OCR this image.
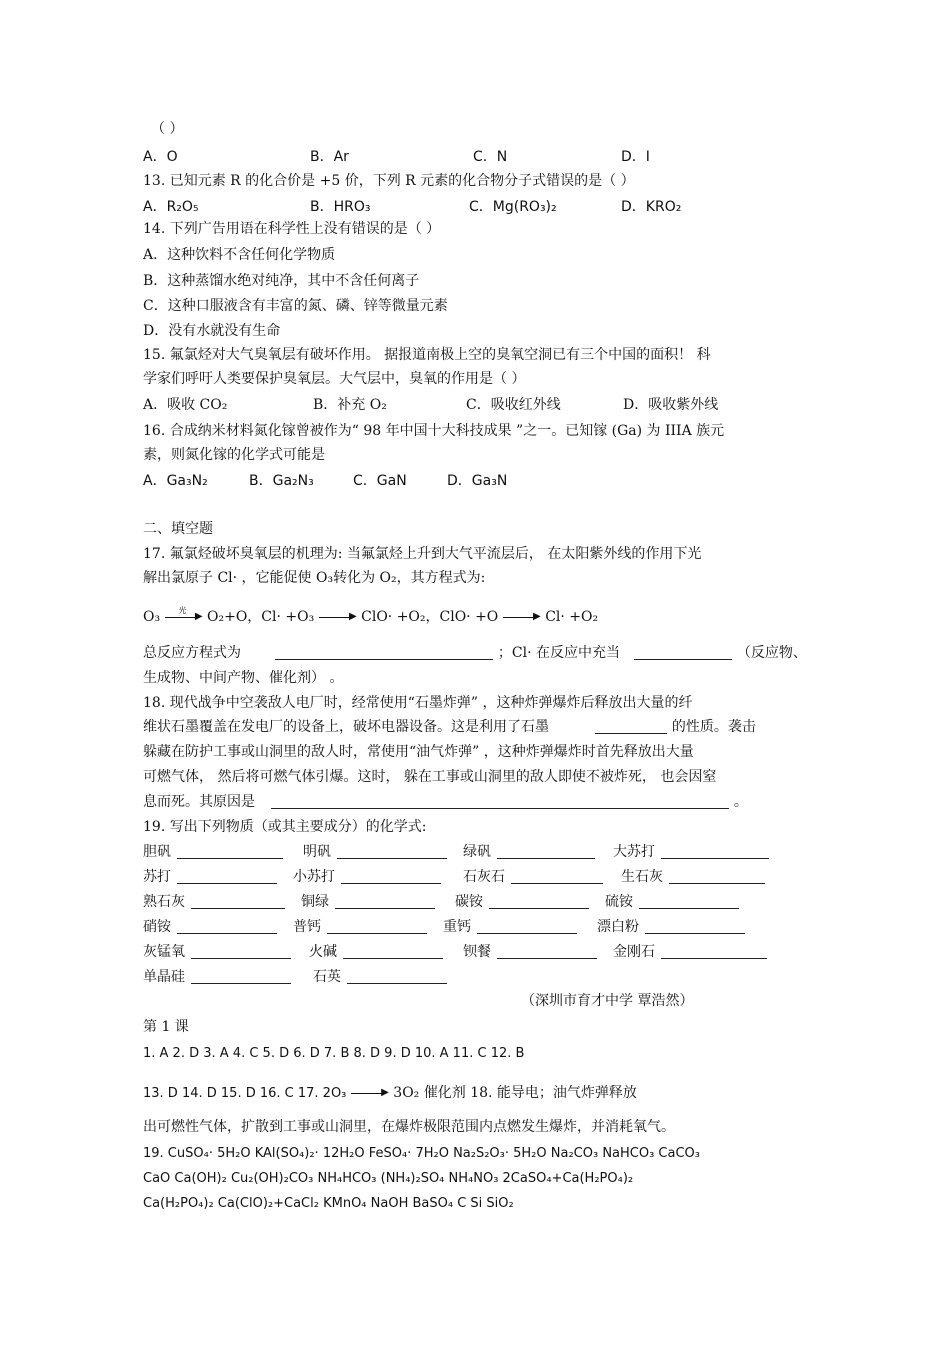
（ ）
A．O	B．Ar	C．N	D．I
13. 已知元素 R 的化合价是 +5 价，下列 R 元素的化合物分子式错误的是（ ）
A．R₂O₅	B．HRO₃	C．Mg(RO₃)₂	D．KRO₂
14. 下列广告用语在科学性上没有错误的是（ ）
A．这种饮料不含任何化学物质
B．这种蒸馏水绝对纯净，其中不含任何离子
C．这种口服液含有丰富的氮、磷、锌等微量元素
D．没有水就没有生命
15. 氟氯烃对大气臭氧层有破坏作用。 据报道南极上空的臭氧空洞已有三个中国的面积！ 科
学家们呼吁人类要保护臭氧层。大气层中，臭氧的作用是（ ）
A．吸收 CO₂	B．补充 O₂	C．吸收红外线	D．吸收紫外线
16. 合成纳米材料氮化镓曾被作为“ 98 年中国十大科技成果 ”之一。已知镓 (Ga) 为 IIIA 族元
素，则氮化镓的化学式可能是
A．Ga₃N₂	B．Ga₂N₃	C．GaN	D．Ga₃N
二、填空题
17. 氟氯烃破坏臭氧层的机理为: 当氟氯烃上升到大气平流层后， 在太阳紫外线的作用下光
解出氯原子 Cl· ，它能促使 O₃转化为 O₂，其方程式为:
O₃ 光
▶ O₂+O，Cl· +O₃	▶ ClO· +O₂，ClO· +O	▶ Cl· +O₂
总反应方程式为	；Cl· 在反应中充当	（反应物、
生成物、中间产物、催化剂） 。
18. 现代战争中空袭敌人电厂时，经常使用“石墨炸弹” ，这种炸弹爆炸后释放出大量的纤
维状石墨覆盖在发电厂的设备上，破坏电器设备。这是利用了石墨	的性质。袭击
躲藏在防护工事或山洞里的敌人时，常使用“油气炸弹” ，这种炸弹爆炸时首先释放出大量
可燃气体， 然后将可燃气体引爆。这时， 躲在工事或山洞里的敌人即使不被炸死， 也会因窒
息而死。其原因是	。
19. 写出下列物质（或其主要成分）的化学式:
胆矾	明矾	绿矾	大苏打
苏打	小苏打	石灰石	生石灰
熟石灰	铜绿	碳铵	硫铵
硝铵	普钙	重钙	漂白粉
灰锰氧	火碱	钡餐	金刚石
单晶硅	石英
（深圳市育才中学 覃浩然）
第 1 课
1. A 2. D 3. A 4. C 5. D 6. D 7. B 8. D 9. D 10. A 11. C 12. B
13. D 14. D 15. D 16. C 17. 2O₃	▶ 3O₂ 催化剂 18. 能导电；油气炸弹释放
出可燃性气体，扩散到工事或山洞里，在爆炸极限范围内点燃发生爆炸，并消耗氧气。
19. CuSO₄· 5H₂O KAl(SO₄)₂· 12H₂O FeSO₄· 7H₂O Na₂S₂O₃· 5H₂O Na₂CO₃ NaHCO₃ CaCO₃
CaO Ca(OH)₂ Cu₂(OH)₂CO₃ NH₄HCO₃ (NH₄)₂SO₄ NH₄NO₃ 2CaSO₄+Ca(H₂PO₄)₂
Ca(H₂PO₄)₂ Ca(ClO)₂+CaCl₂ KMnO₄ NaOH BaSO₄ C Si SiO₂
